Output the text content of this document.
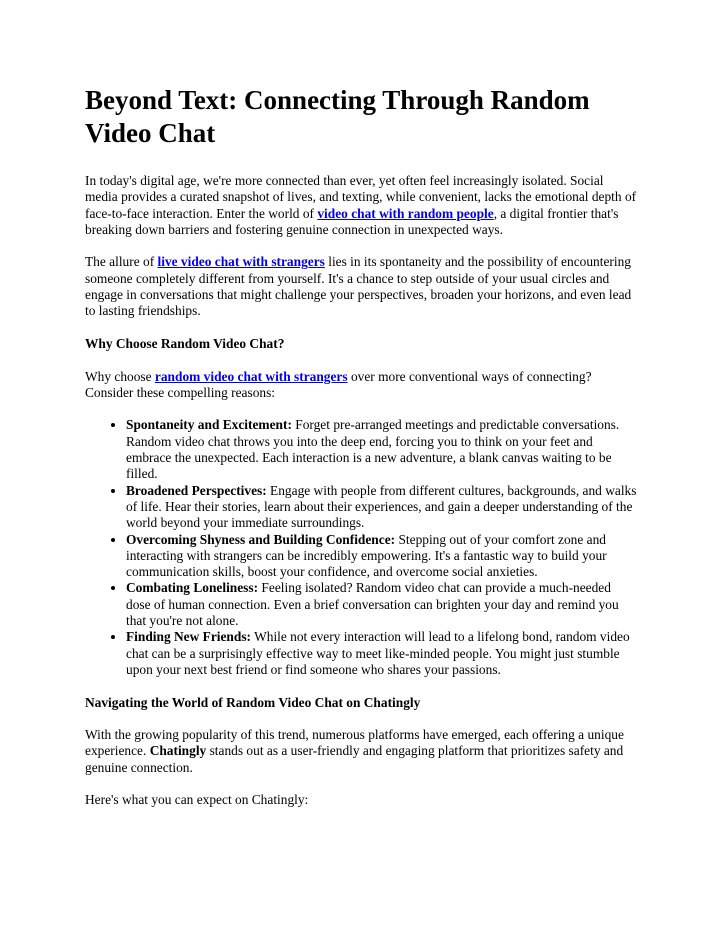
Beyond Text: Connecting Through Random Video Chat

In today's digital age, we're more connected than ever, yet often feel increasingly isolated. Social media provides a curated snapshot of lives, and texting, while convenient, lacks the emotional depth of face-to-face interaction. Enter the world of video chat with random people, a digital frontier that's breaking down barriers and fostering genuine connection in unexpected ways.

The allure of live video chat with strangers lies in its spontaneity and the possibility of encountering someone completely different from yourself. It's a chance to step outside of your usual circles and engage in conversations that might challenge your perspectives, broaden your horizons, and even lead to lasting friendships.

Why Choose Random Video Chat?

Why choose random video chat with strangers over more conventional ways of connecting? Consider these compelling reasons:

• Spontaneity and Excitement: Forget pre-arranged meetings and predictable conversations. Random video chat throws you into the deep end, forcing you to think on your feet and embrace the unexpected. Each interaction is a new adventure, a blank canvas waiting to be filled.
• Broadened Perspectives: Engage with people from different cultures, backgrounds, and walks of life. Hear their stories, learn about their experiences, and gain a deeper understanding of the world beyond your immediate surroundings.
• Overcoming Shyness and Building Confidence: Stepping out of your comfort zone and interacting with strangers can be incredibly empowering. It's a fantastic way to build your communication skills, boost your confidence, and overcome social anxieties.
• Combating Loneliness: Feeling isolated? Random video chat can provide a much-needed dose of human connection. Even a brief conversation can brighten your day and remind you that you're not alone.
• Finding New Friends: While not every interaction will lead to a lifelong bond, random video chat can be a surprisingly effective way to meet like-minded people. You might just stumble upon your next best friend or find someone who shares your passions.

Navigating the World of Random Video Chat on Chatingly

With the growing popularity of this trend, numerous platforms have emerged, each offering a unique experience. Chatingly stands out as a user-friendly and engaging platform that prioritizes safety and genuine connection.

Here's what you can expect on Chatingly:
